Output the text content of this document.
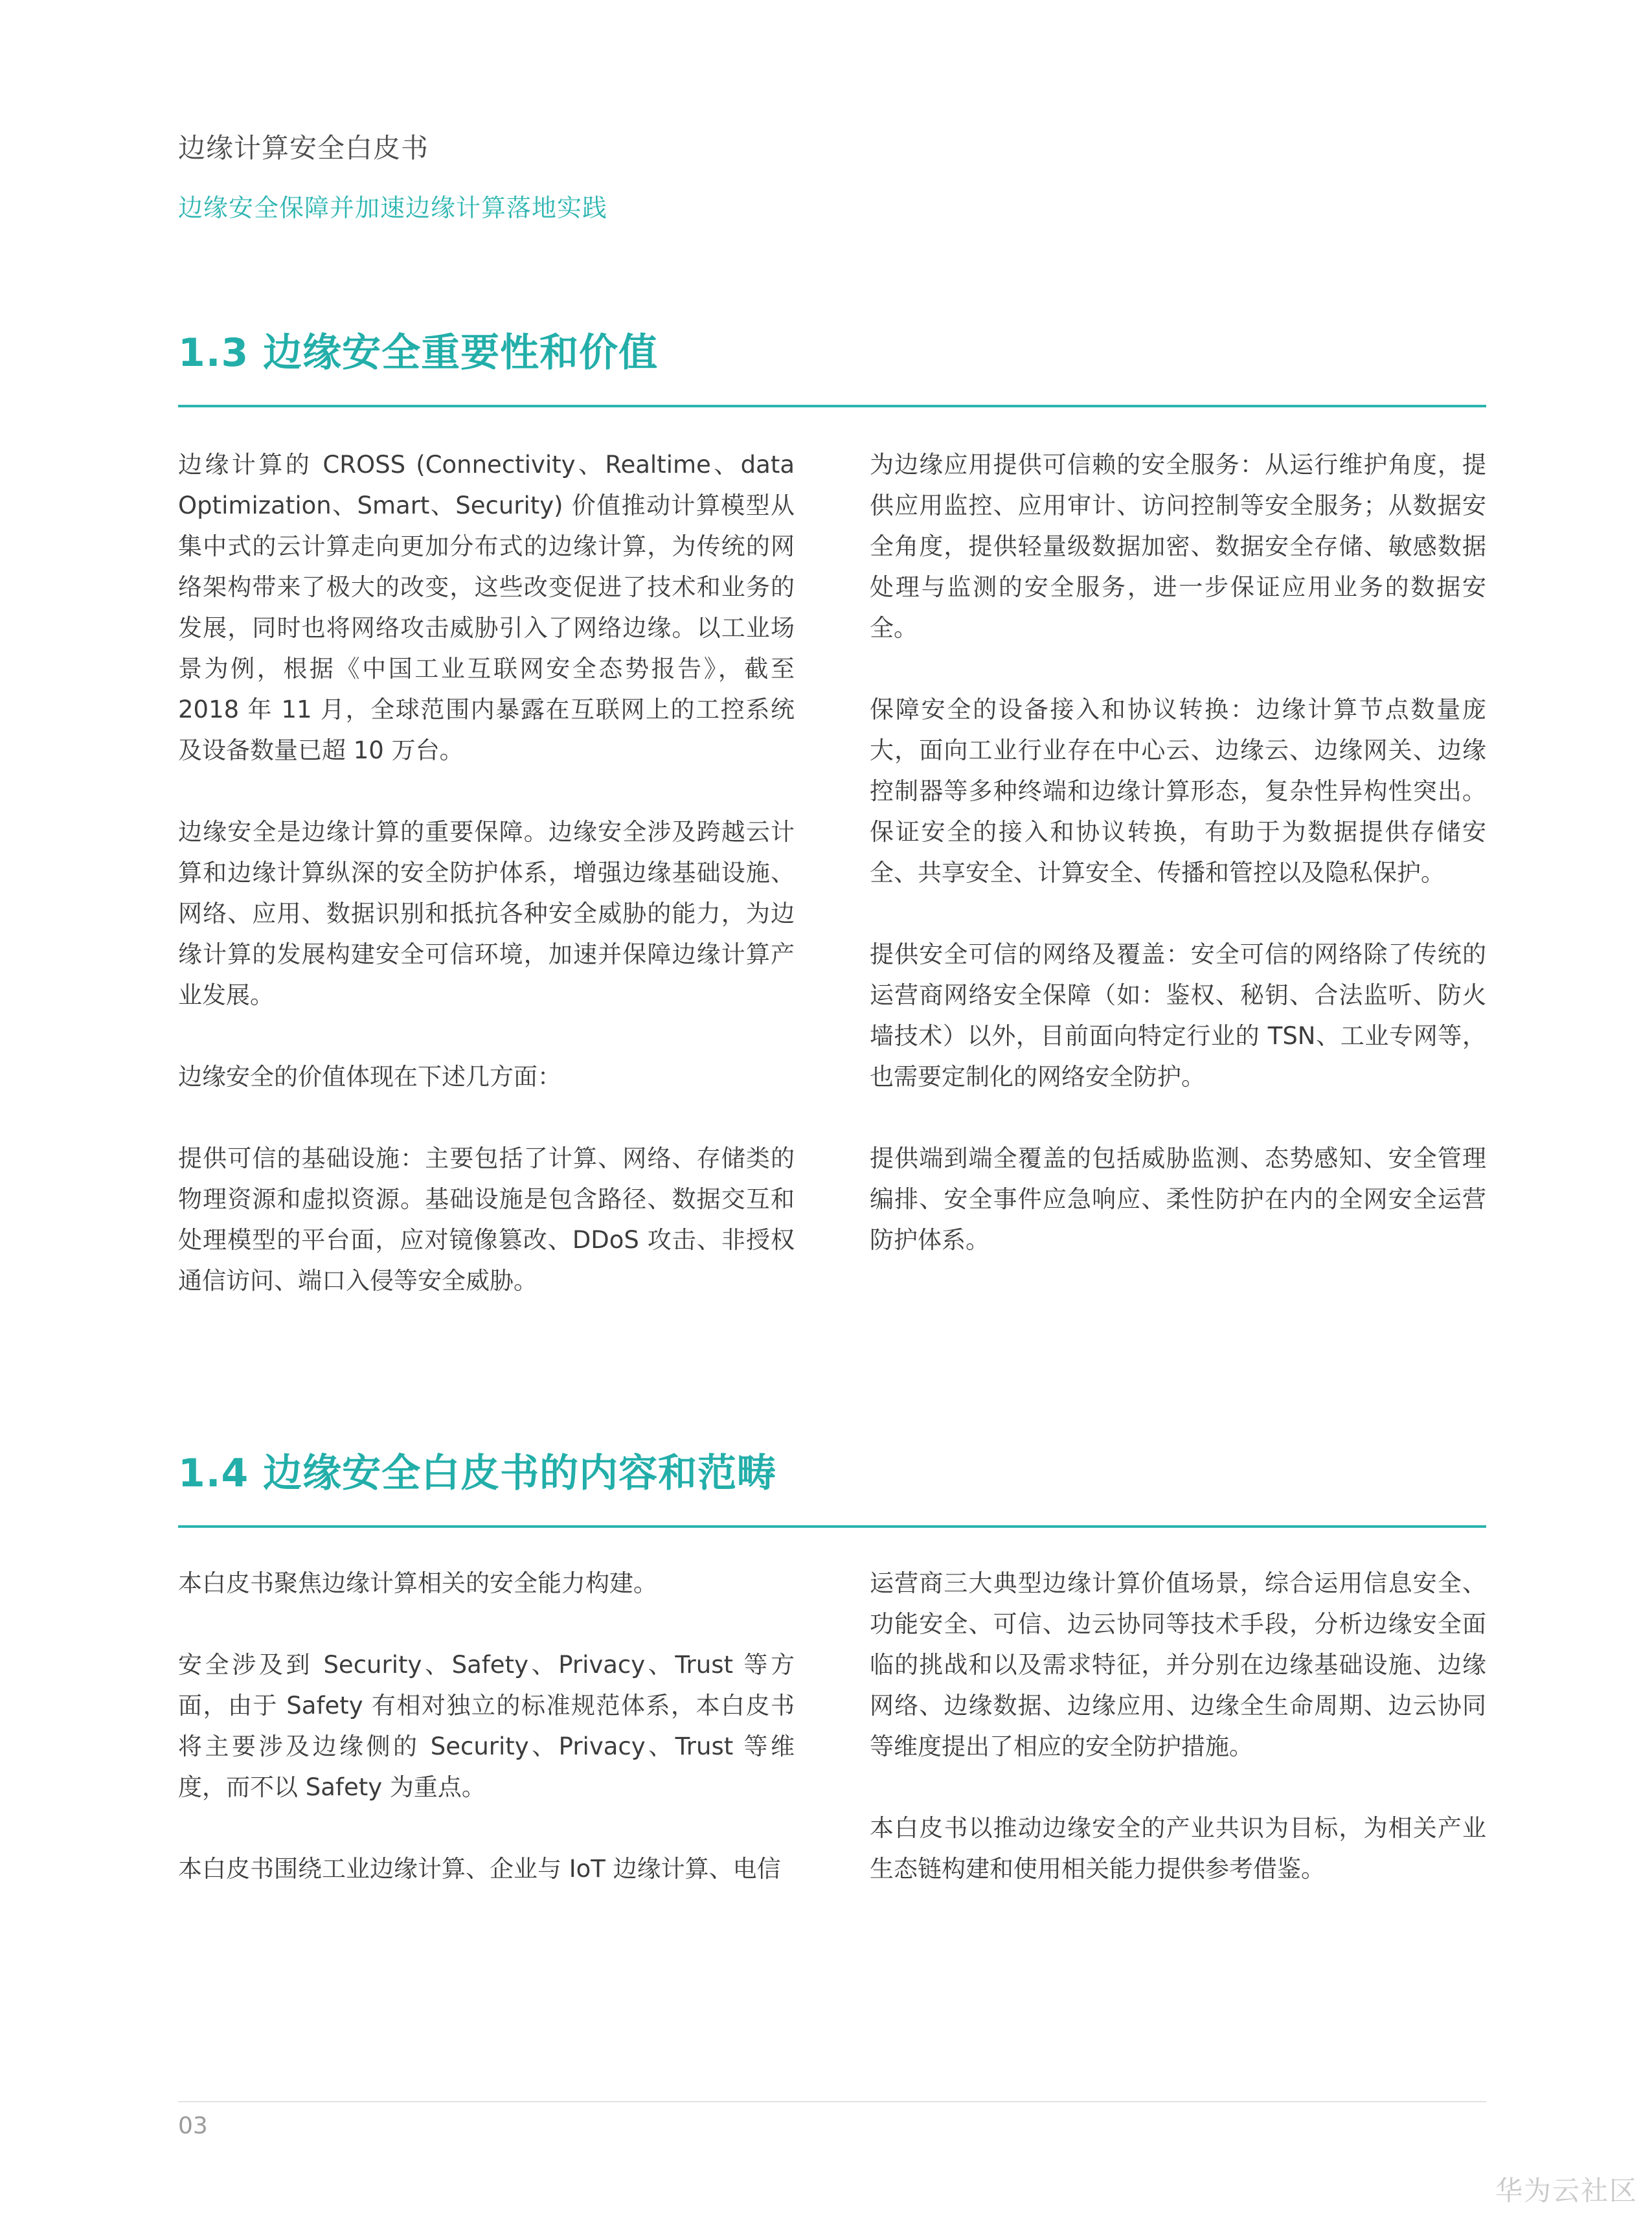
边缘计算安全白皮书
边缘安全保障并加速边缘计算落地实践
1.3 边缘安全重要性和价值

边缘计算的 CROSS (Connectivity、Realtime、data Optimization、Smart、Security) 价值推动计算模型从集中式的云计算走向更加分布式的边缘计算，为传统的网络架构带来了极大的改变，这些改变促进了技术和业务的发展，同时也将网络攻击威胁引入了网络边缘。以工业场景为例，根据《中国工业互联网安全态势报告》，截至 2018 年 11 月，全球范围内暴露在互联网上的工控系统及设备数量已超 10 万台。

边缘安全是边缘计算的重要保障。边缘安全涉及跨越云计算和边缘计算纵深的安全防护体系，增强边缘基础设施、网络、应用、数据识别和抵抗各种安全威胁的能力，为边缘计算的发展构建安全可信环境，加速并保障边缘计算产业发展。

边缘安全的价值体现在下述几方面：

提供可信的基础设施：主要包括了计算、网络、存储类的物理资源和虚拟资源。基础设施是包含路径、数据交互和处理模型的平台面，应对镜像篡改、DDoS 攻击、非授权通信访问、端口入侵等安全威胁。

为边缘应用提供可信赖的安全服务：从运行维护角度，提供应用监控、应用审计、访问控制等安全服务；从数据安全角度，提供轻量级数据加密、数据安全存储、敏感数据处理与监测的安全服务，进一步保证应用业务的数据安全。

保障安全的设备接入和协议转换：边缘计算节点数量庞大，面向工业行业存在中心云、边缘云、边缘网关、边缘控制器等多种终端和边缘计算形态，复杂性异构性突出。保证安全的接入和协议转换，有助于为数据提供存储安全、共享安全、计算安全、传播和管控以及隐私保护。

提供安全可信的网络及覆盖：安全可信的网络除了传统的运营商网络安全保障（如：鉴权、秘钥、合法监听、防火墙技术）以外，目前面向特定行业的 TSN、工业专网等，也需要定制化的网络安全防护。

提供端到端全覆盖的包括威胁监测、态势感知、安全管理编排、安全事件应急响应、柔性防护在内的全网安全运营防护体系。

1.4 边缘安全白皮书的内容和范畴

本白皮书聚焦边缘计算相关的安全能力构建。

安全涉及到 Security、Safety、Privacy、Trust 等方面，由于 Safety 有相对独立的标准规范体系，本白皮书将主要涉及边缘侧的 Security、Privacy、Trust 等维度，而不以 Safety 为重点。

本白皮书围绕工业边缘计算、企业与 IoT 边缘计算、电信

运营商三大典型边缘计算价值场景，综合运用信息安全、功能安全、可信、边云协同等技术手段，分析边缘安全面临的挑战和以及需求特征，并分别在边缘基础设施、边缘网络、边缘数据、边缘应用、边缘全生命周期、边云协同等维度提出了相应的安全防护措施。

本白皮书以推动边缘安全的产业共识为目标，为相关产业生态链构建和使用相关能力提供参考借鉴。

03
华为云社区
